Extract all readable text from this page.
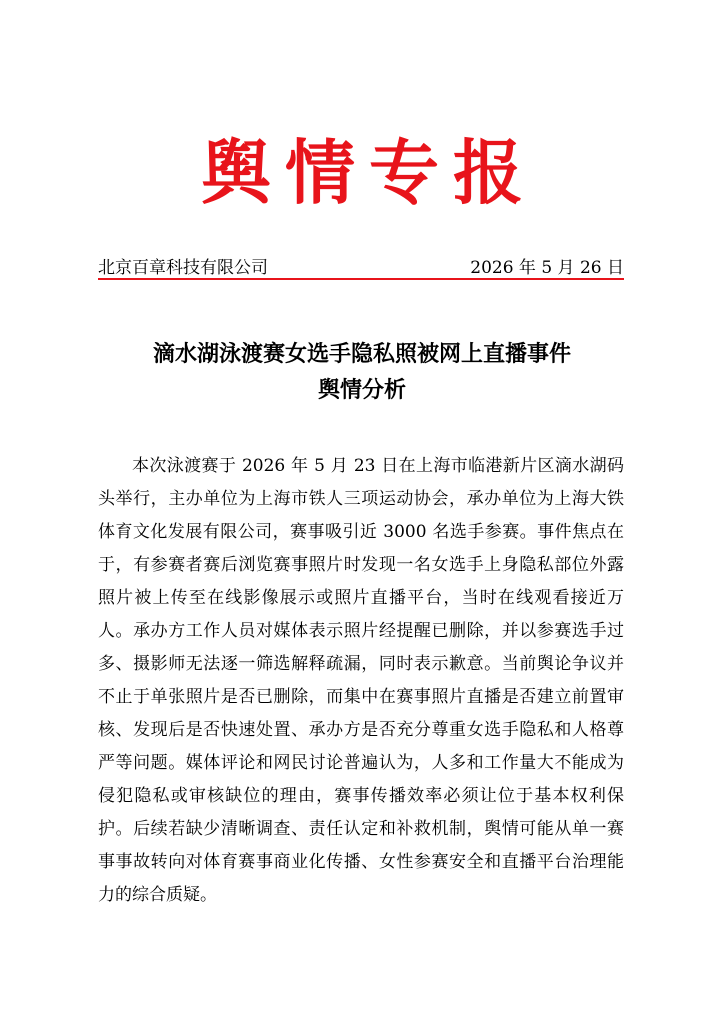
舆情专报
北京百章科技有限公司	2026 年 5 月 26 日
滴水湖泳渡赛女选手隐私照被网上直播事件
舆情分析
本次泳渡赛于 2026 年 5 月 23 日在上海市临港新片区滴水湖码头举行，主办单位为上海市铁人三项运动协会，承办单位为上海大铁体育文化发展有限公司，赛事吸引近 3000 名选手参赛。事件焦点在于，有参赛者赛后浏览赛事照片时发现一名女选手上身隐私部位外露照片被上传至在线影像展示或照片直播平台，当时在线观看接近万人。承办方工作人员对媒体表示照片经提醒已删除，并以参赛选手过多、摄影师无法逐一筛选解释疏漏，同时表示歉意。当前舆论争议并不止于单张照片是否已删除，而集中在赛事照片直播是否建立前置审核、发现后是否快速处置、承办方是否充分尊重女选手隐私和人格尊严等问题。媒体评论和网民讨论普遍认为，人多和工作量大不能成为侵犯隐私或审核缺位的理由，赛事传播效率必须让位于基本权利保护。后续若缺少清晰调查、责任认定和补救机制，舆情可能从单一赛事事故转向对体育赛事商业化传播、女性参赛安全和直播平台治理能力的综合质疑。
